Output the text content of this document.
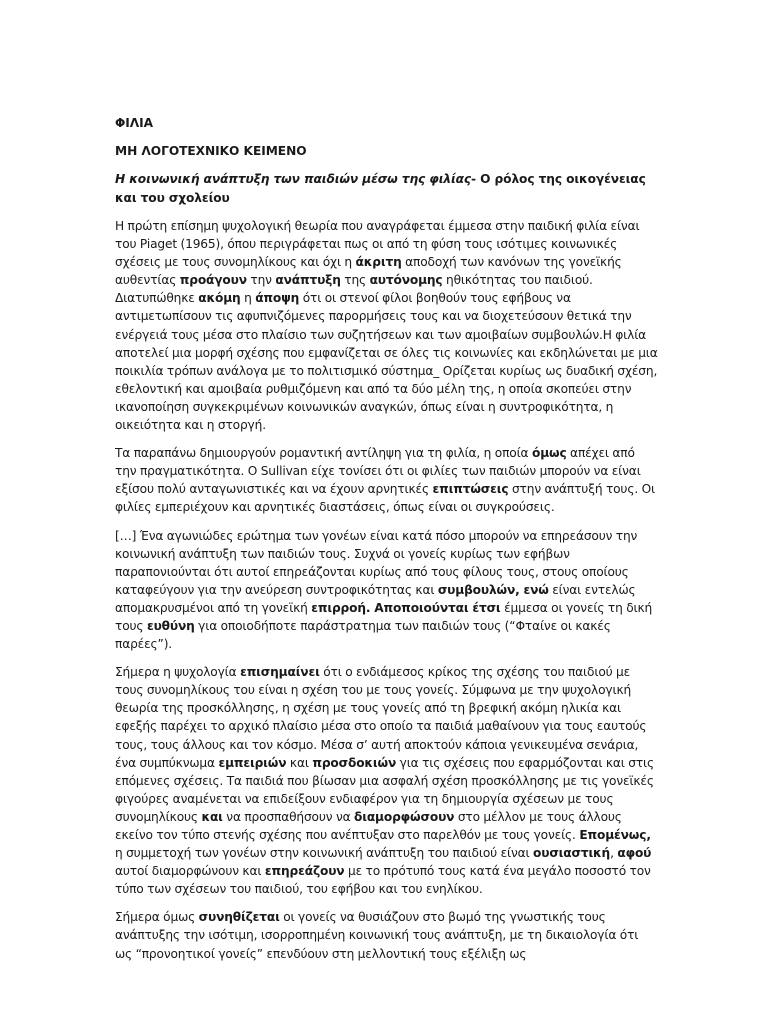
ΦΙΛΙΑ
ΜΗ ΛΟΓΟΤΕΧΝΙΚΟ ΚΕΙΜΕΝΟ
Η κοινωνική ανάπτυξη των παιδιών μέσω της φιλίας- Ο ρόλος της οικογένειας και του σχολείου

Η πρώτη επίσημη ψυχολογική θεωρία που αναγράφεται έμμεσα στην παιδική φιλία είναι του Piaget (1965), όπου περιγράφεται πως οι από τη φύση τους ισότιμες κοινωνικές σχέσεις με τους συνομηλίκους και όχι η άκριτη αποδοχή των κανόνων της γονεϊκής αυθεντίας προάγουν την ανάπτυξη της αυτόνομης ηθικότητας του παιδιού. Διατυπώθηκε ακόμη η άποψη ότι οι στενοί φίλοι βοηθούν τους εφήβους να αντιμετωπίσουν τις αφυπνιζόμενες παρορμήσεις τους και να διοχετεύσουν θετικά την ενέργειά τους μέσα στο πλαίσιο των συζητήσεων και των αμοιβαίων συμβουλών.Η φιλία αποτελεί μια μορφή σχέσης που εμφανίζεται σε όλες τις κοινωνίες και εκδηλώνεται με μια ποικιλία τρόπων ανάλογα με το πολιτισμικό σύστημα_ Ορίζεται κυρίως ως δυαδική σχέση, εθελοντική και αμοιβαία ρυθμιζόμενη και από τα δύο μέλη της, η οποία σκοπεύει στην ικανοποίηση συγκεκριμένων κοινωνικών αναγκών, όπως είναι η συντροφικότητα, η οικειότητα και η στοργή.

Τα παραπάνω δημιουργούν ρομαντική αντίληψη για τη φιλία, η οποία όμως απέχει από την πραγματικότητα. Ο Sullivan είχε τονίσει ότι οι φιλίες των παιδιών μπορούν να είναι εξίσου πολύ ανταγωνιστικές και να έχουν αρνητικές επιπτώσεις στην ανάπτυξή τους. Οι φιλίες εμπεριέχουν και αρνητικές διαστάσεις, όπως είναι οι συγκρούσεις.

[…] Ένα αγωνιώδες ερώτημα των γονέων είναι κατά πόσο μπορούν να επηρεάσουν την κοινωνική ανάπτυξη των παιδιών τους. Συχνά οι γονείς κυρίως των εφήβων παραπονιούνται ότι αυτοί επηρεάζονται κυρίως από τους φίλους τους, στους οποίους καταφεύγουν για την ανεύρεση συντροφικότητας και συμβουλών, ενώ είναι εντελώς απομακρυσμένοι από τη γονεϊκή επιρροή. Αποποιούνται έτσι έμμεσα οι γονείς τη δική τους ευθύνη για οποιοδήποτε παράστρατημα των παιδιών τους (“Φταίνε οι κακές παρέες”).

Σήμερα η ψυχολογία επισημαίνει ότι ο ενδιάμεσος κρίκος της σχέσης του παιδιού με τους συνομηλίκους του είναι η σχέση του με τους γονείς. Σύμφωνα με την ψυχολογική θεωρία της προσκόλλησης, η σχέση με τους γονείς από τη βρεφική ακόμη ηλικία και εφεξής παρέχει το αρχικό πλαίσιο μέσα στο οποίο τα παιδιά μαθαίνουν για τους εαυτούς τους, τους άλλους και τον κόσμο. Μέσα σ’ αυτή αποκτούν κάποια γενικευμένα σενάρια, ένα συμπύκνωμα εμπειριών και προσδοκιών για τις σχέσεις που εφαρμόζονται και στις επόμενες σχέσεις. Τα παιδιά που βίωσαν μια ασφαλή σχέση προσκόλλησης με τις γονεϊκές φιγούρες αναμένεται να επιδείξουν ενδιαφέρον για τη δημιουργία σχέσεων με τους συνομηλίκους και να προσπαθήσουν να διαμορφώσουν στο μέλλον με τους άλλους εκείνο τον τύπο στενής σχέσης που ανέπτυξαν στο παρελθόν με τους γονείς. Επομένως, η συμμετοχή των γονέων στην κοινωνική ανάπτυξη του παιδιού είναι ουσιαστική, αφού αυτοί διαμορφώνουν και επηρεάζουν με το πρότυπό τους κατά ένα μεγάλο ποσοστό τον τύπο των σχέσεων του παιδιού, του εφήβου και του ενηλίκου.

Σήμερα όμως συνηθίζεται οι γονείς να θυσιάζουν στο βωμό της γνωστικής τους ανάπτυξης την ισότιμη, ισορροπημένη κοινωνική τους ανάπτυξη, με τη δικαιολογία ότι ως “προνοητικοί γονείς” επενδύουν στη μελλοντική τους εξέλιξη ως
